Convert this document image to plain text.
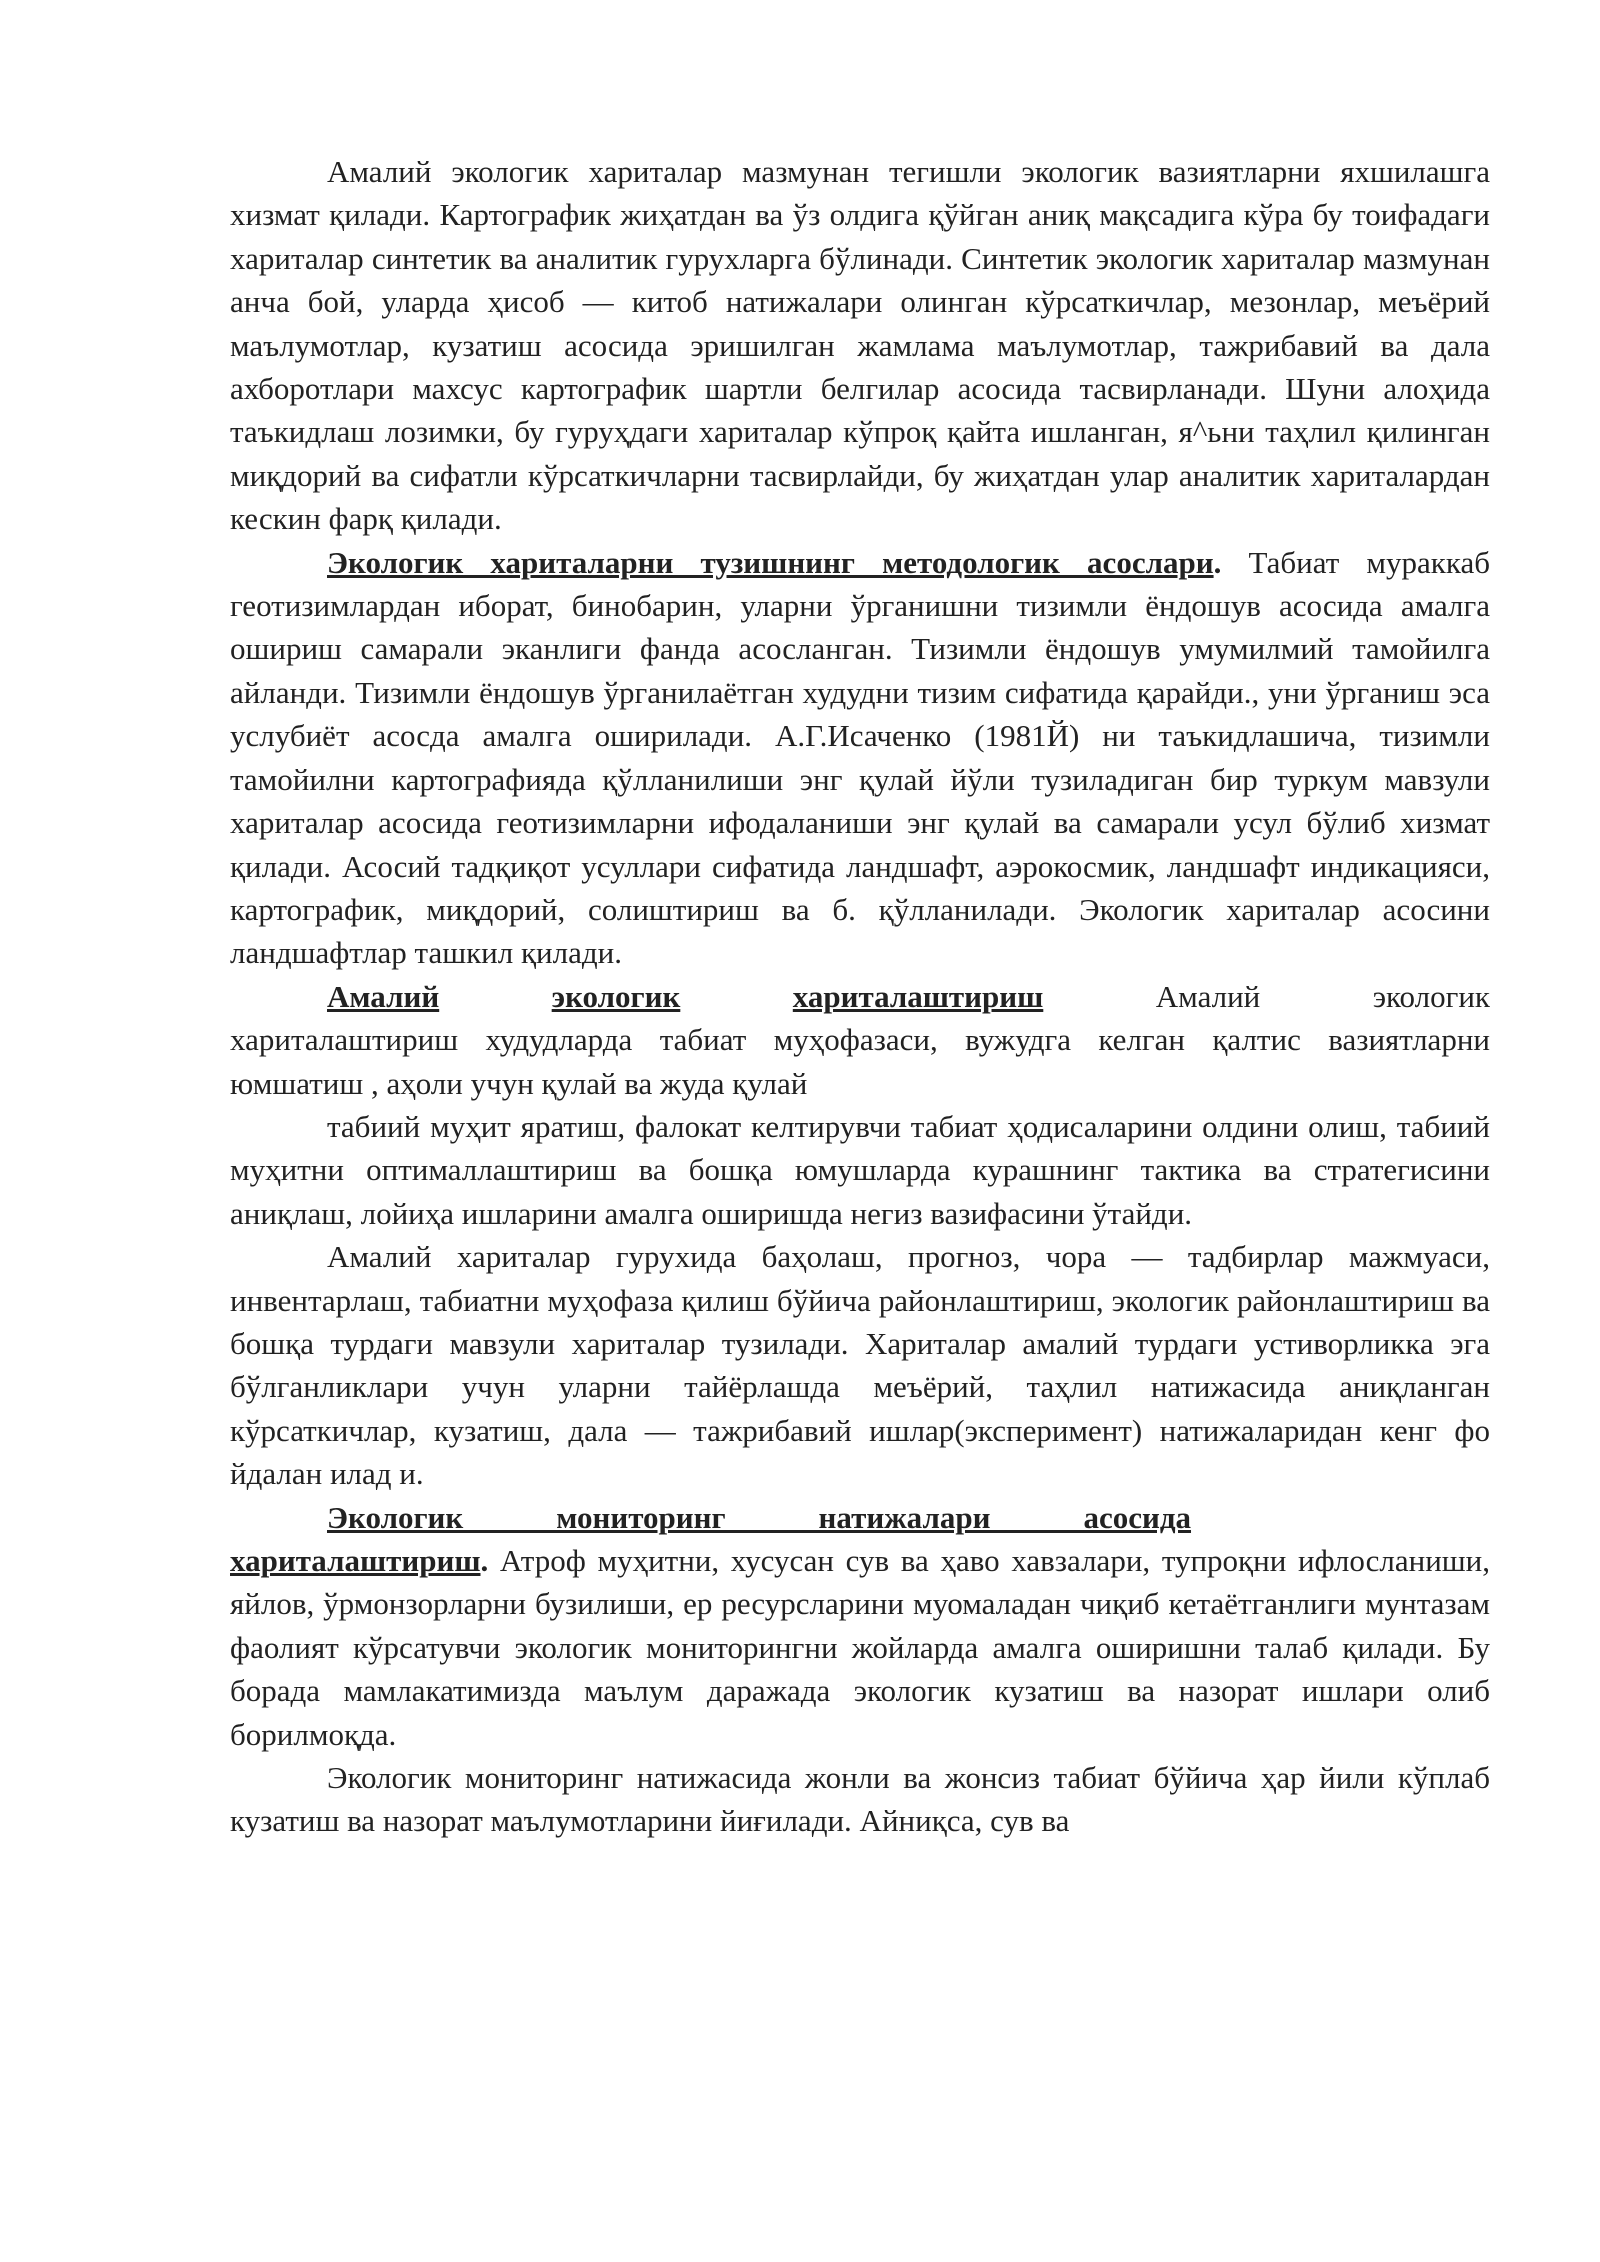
Амалий экологик хариталар мазмунан тегишли экологик вазиятларни яхшилашга хизмат қилади. Картографик жиҳатдан ва ўз олдига қўйган аниқ мақсадига кўра бу тоифадаги хариталар синтетик ва аналитик гурухларга бўлинади. Синтетик экологик хариталар мазмунан анча бой, уларда ҳисоб — китоб натижалари олинган кўрсаткичлар, мезонлар, меъёрий маълумотлар, кузатиш асосида эришилган жамлама маълумотлар, тажрибавий ва дала ахборотлари махсус картографик шартли белгилар асосида тасвирланади. Шуни алоҳида таъкидлаш лозимки, бу гуруҳдаги хариталар кўпроқ қайта ишланган, я^ьни таҳлил қилинган миқдорий ва сифатли кўрсаткичларни тасвирлайди, бу жиҳатдан улар аналитик хариталардан кескин фарқ қилади.

Экологик хариталарни тузишнинг методологик асослари. Табиат мураккаб геотизимлардан иборат, бинобарин, уларни ўрганишни тизимли ёндошув асосида амалга ошириш самарали эканлиги фанда асосланган. Тизимли ёндошув умумилмий тамойилга айланди. Тизимли ёндошув ўрганилаётган худудни тизим сифатида қарайди., уни ўрганиш эса услубиёт асосда амалга оширилади. А.Г.Исаченко (1981Й) ни таъкидлашича, тизимли тамойилни картографияда қўлланилиши энг қулай йўли тузиладиган бир туркум мавзули хариталар асосида геотизимларни ифодаланиши энг қулай ва самарали усул бўлиб хизмат қилади. Асосий тадқиқот усуллари сифатида ландшафт, аэрокосмик, ландшафт индикацияси, картографик, миқдорий, солиштириш ва б. қўлланилади. Экологик хариталар асосини ландшафтлар ташкил қилади.

Амалий	экологик	хариталаштириш	Амалий	экологик

хариталаштириш худудларда табиат муҳофазаси, вужудга келган қалтис вазиятларни юмшатиш , аҳоли учун қулай ва жуда қулай

табиий муҳит яратиш, фалокат келтирувчи табиат ҳодисаларини олдини олиш, табиий муҳитни оптималлаштириш ва бошқа юмушларда курашнинг тактика ва стратегисини аниқлаш, лойиҳа ишларини амалга оширишда негиз вазифасини ўтайди.

Амалий хариталар гурухида баҳолаш, прогноз, чора — тадбирлар мажмуаси, инвентарлаш, табиатни муҳофаза қилиш бўйича районлаштириш, экологик районлаштириш ва бошқа турдаги мавзули хариталар тузилади. Хариталар амалий турдаги устиворликка эга бўлганликлари учун уларни тайёрлашда меъёрий, таҳлил натижасида аниқланган кўрсаткичлар, кузатиш, дала — тажрибавий ишлар(эксперимент) натижаларидан кенг фо йдалан илад и.

Экологик______мониторинг______натижалари______асосида

хариталаштириш. Атроф муҳитни, хусусан сув ва ҳаво хавзалари, тупроқни ифлосланиши, яйлов, ўрмонзорларни бузилиши, ер ресурсларини муомаладан чиқиб кетаётганлиги мунтазам фаолият кўрсатувчи экологик мониторингни жойларда амалга оширишни талаб қилади. Бу борада мамлакатимизда маълум даражада экологик кузатиш ва назорат ишлари олиб борилмоқда.

Экологик мониторинг натижасида жонли ва жонсиз табиат бўйича ҳар йили кўплаб кузатиш ва назорат маълумотларини йиғилади. Айниқса, сув ва
